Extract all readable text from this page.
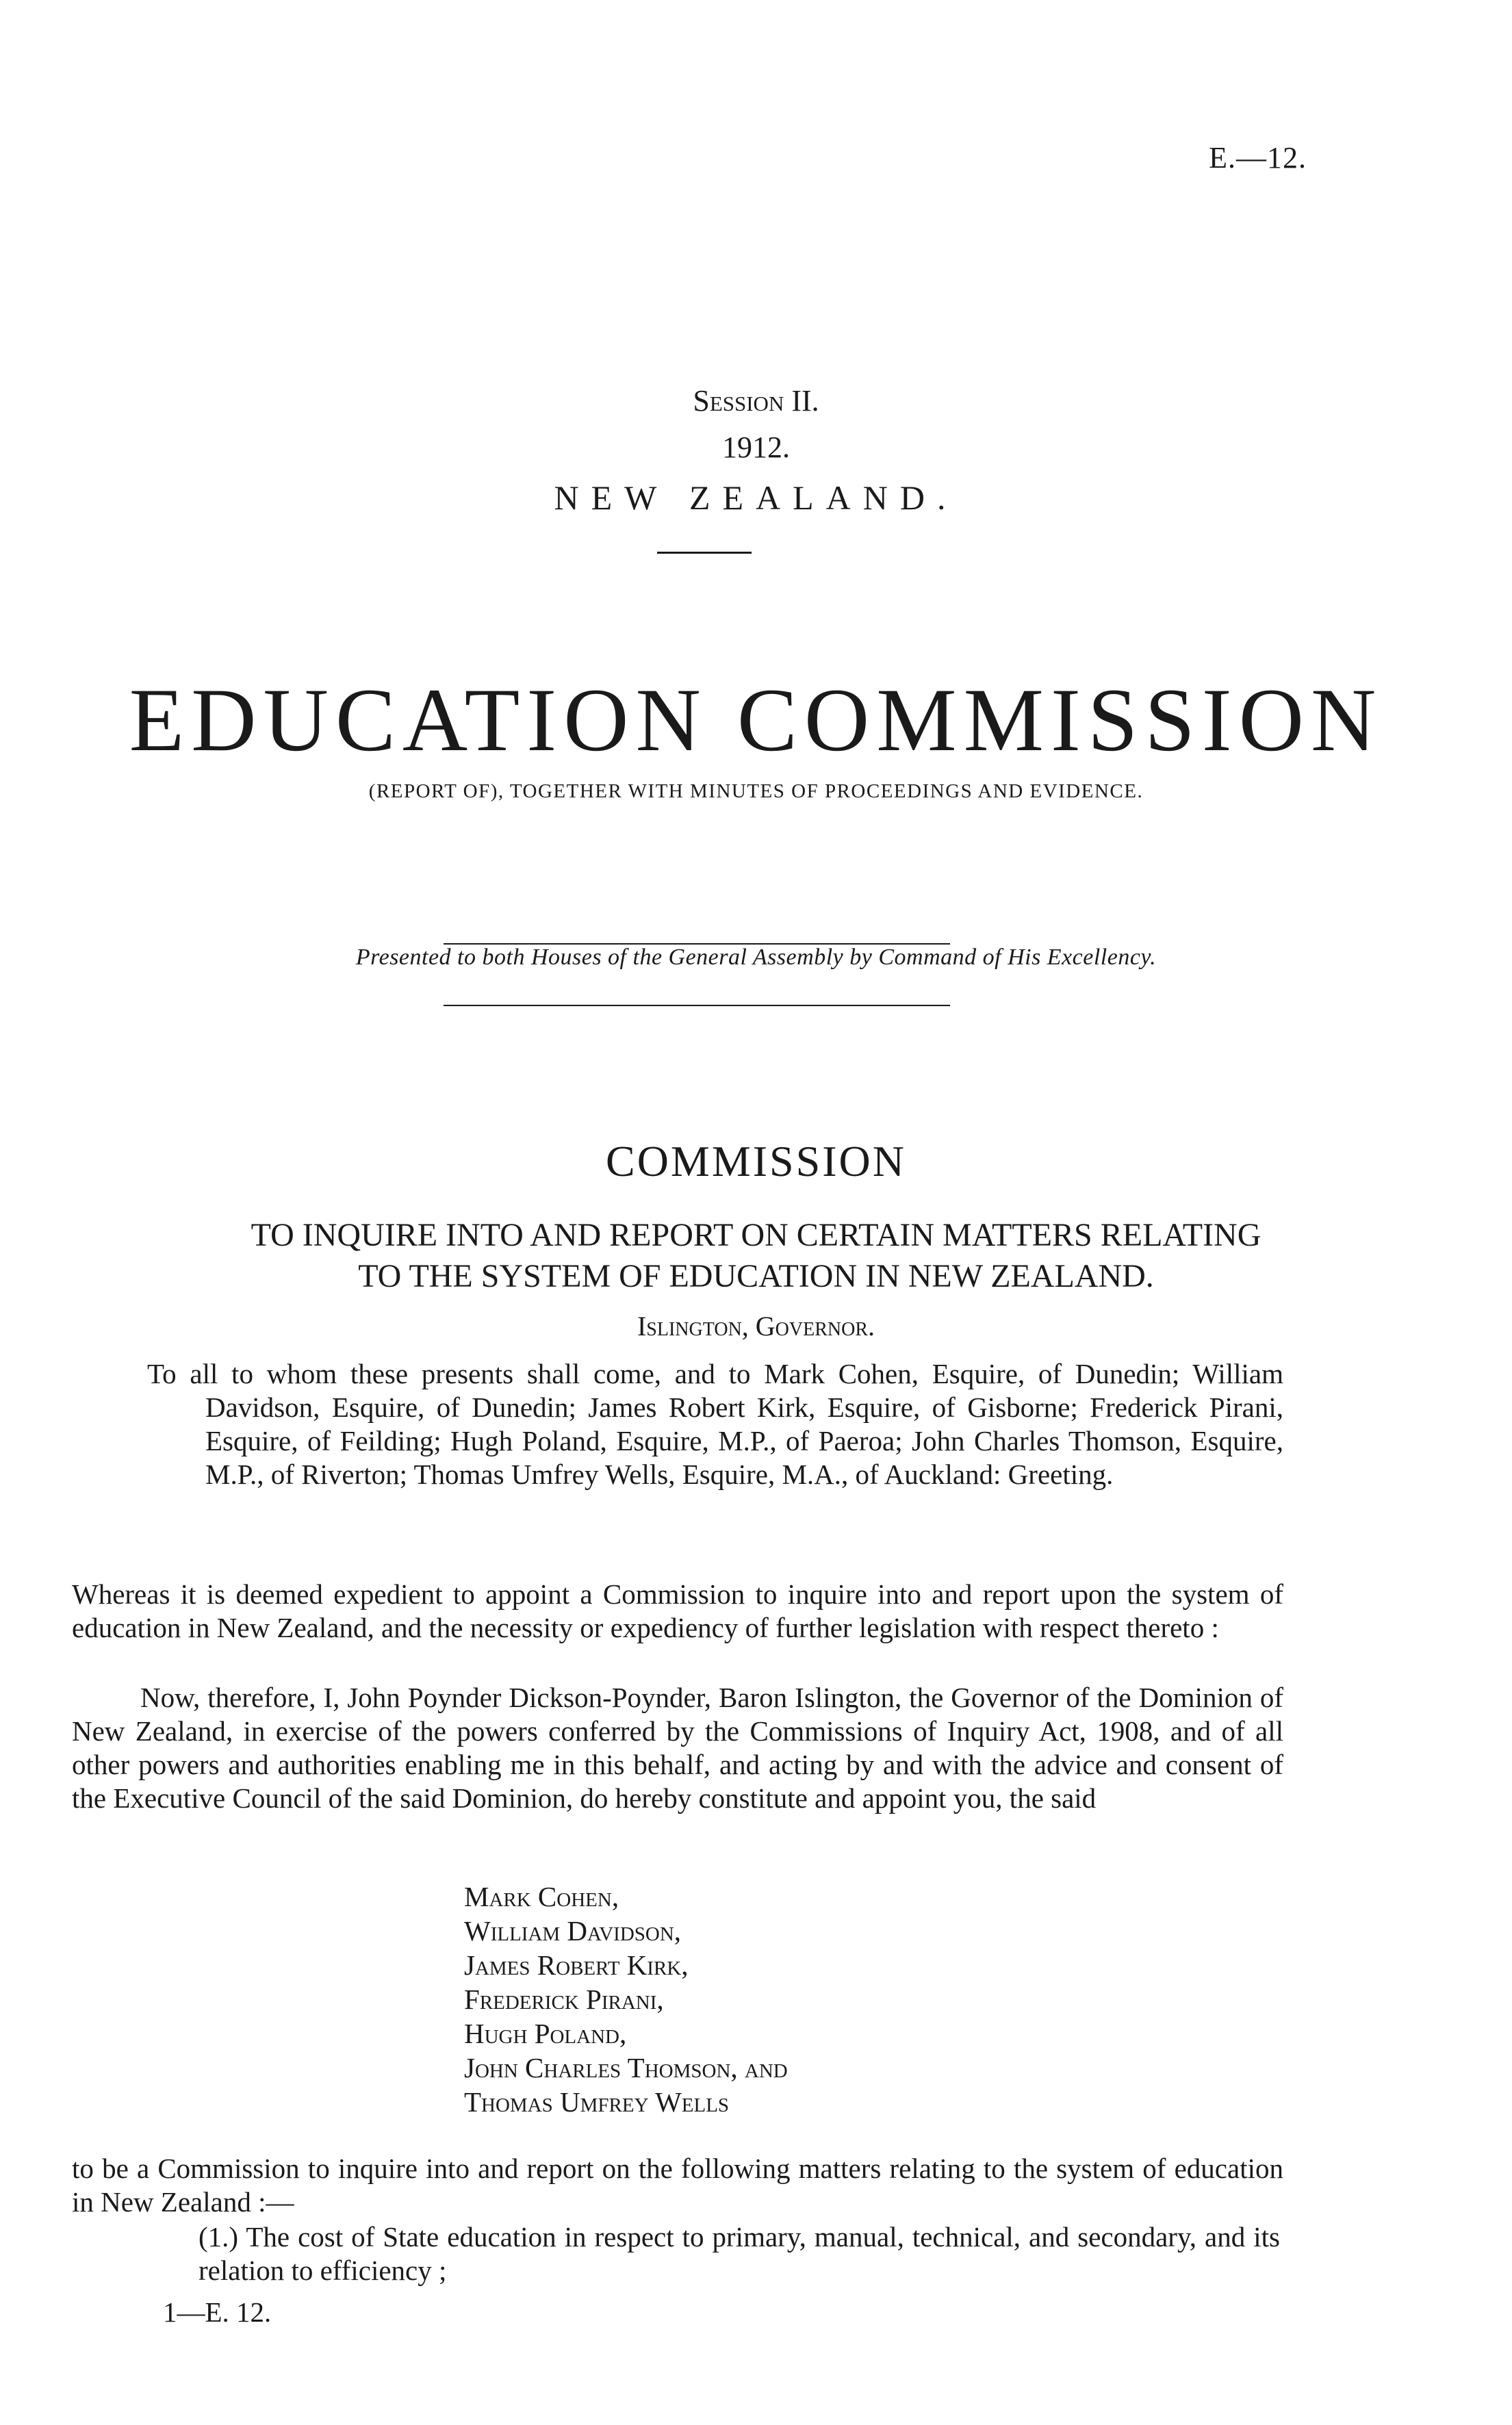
E.—12.
Session II.
1912.
NEW ZEALAND.
EDUCATION COMMISSION
(REPORT OF), TOGETHER WITH MINUTES OF PROCEEDINGS AND EVIDENCE.
Presented to both Houses of the General Assembly by Command of His Excellency.
COMMISSION
TO INQUIRE INTO AND REPORT ON CERTAIN MATTERS RELATING
TO THE SYSTEM OF EDUCATION IN NEW ZEALAND.
Islington, Governor.
To all to whom these presents shall come, and to Mark Cohen, Esquire, of Dunedin; William Davidson, Esquire, of Dunedin; James Robert Kirk, Esquire, of Gisborne; Frederick Pirani, Esquire, of Feilding; Hugh Poland, Esquire, M.P., of Paeroa; John Charles Thomson, Esquire, M.P., of Riverton; Thomas Umfrey Wells, Esquire, M.A., of Auckland: Greeting.
Whereas it is deemed expedient to appoint a Commission to inquire into and report upon the system of education in New Zealand, and the necessity or expediency of further legislation with respect thereto :
Now, therefore, I, John Poynder Dickson-Poynder, Baron Islington, the Governor of the Dominion of New Zealand, in exercise of the powers conferred by the Commissions of Inquiry Act, 1908, and of all other powers and authorities enabling me in this behalf, and acting by and with the advice and consent of the Executive Council of the said Dominion, do hereby constitute and appoint you, the said
Mark Cohen,
William Davidson,
James Robert Kirk,
Frederick Pirani,
Hugh Poland,
John Charles Thomson, and
Thomas Umfrey Wells
to be a Commission to inquire into and report on the following matters relating to the system of education in New Zealand :—
(1.) The cost of State education in respect to primary, manual, technical, and secondary, and its relation to efficiency ;
1—E. 12.
